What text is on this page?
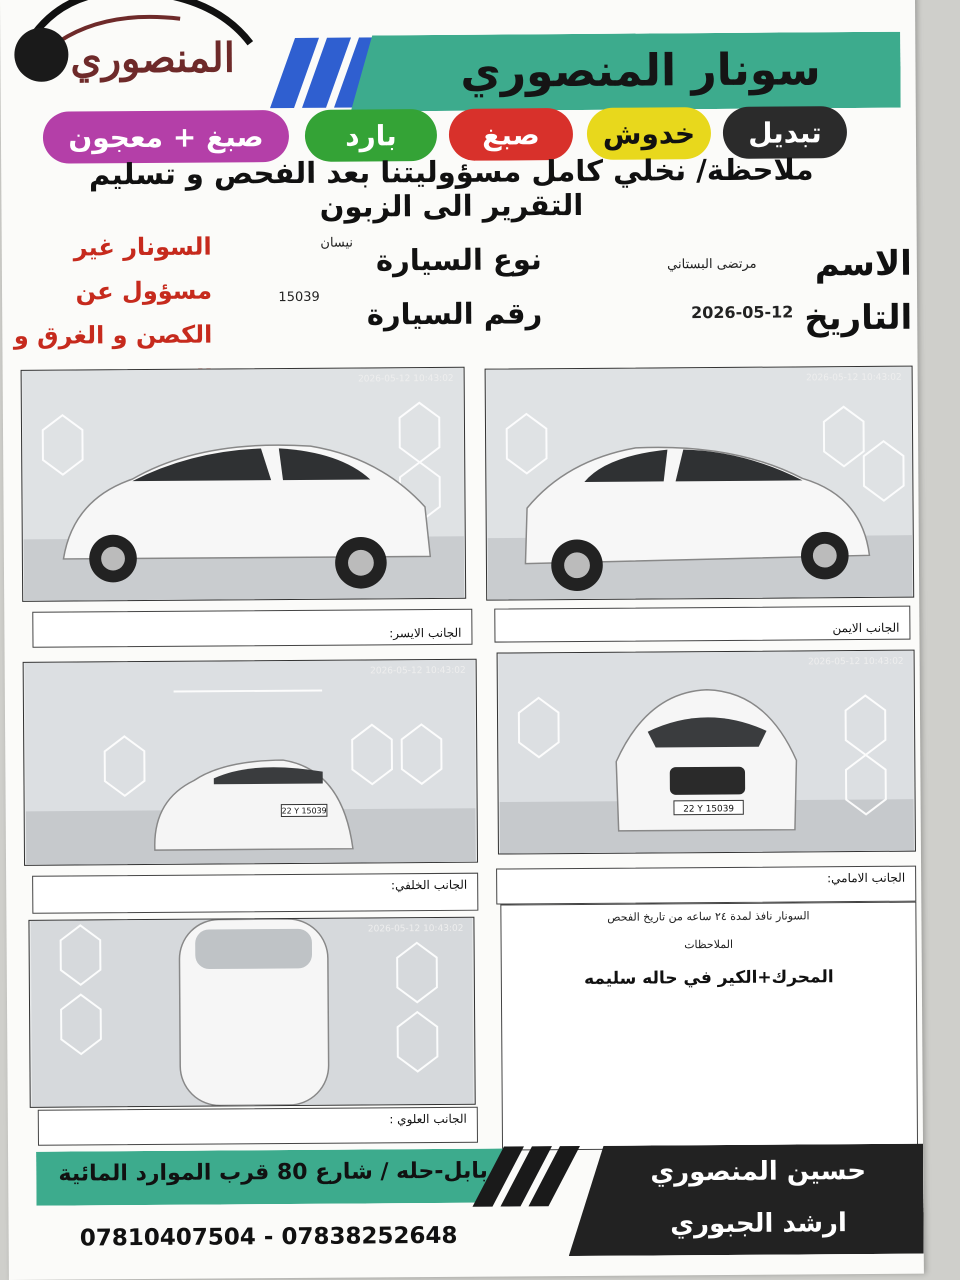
المنصوري	سونار المنصوري
تبديل
خدوش
صبغ
بارد
صبغ + معجون
ملاحظة/ نخلي كامل مسؤوليتنا بعد الفحص و تسليم التقرير الى الزبون
الاسم
مرتضى البستاني
التاريخ
2026-05-12
نوع السيارة
نيسان
رقم السيارة
15039
السونار غير مسؤول عن الكصن و الغرق و
2026-05-12 10:43:02	2026-05-12 10:43:02
الجانب الايسر:	الجانب الايمن
22 Y 15039
2026-05-12 10:43:02
22 Y 15039
2026-05-12 10:43:02
الجانب الخلفي:	الجانب الامامي:
2026-05-12 10:43:02
السونار نافذ لمدة ٢٤ ساعه من تاريخ الفحص
الملاحظات
المحرك+الكير في حاله سليمه
الجانب العلوي :
بابل-حله / شارع 80 قرب الموارد المائية	حسين المنصوري
ارشد الجبوري
07810407504 - 07838252648
